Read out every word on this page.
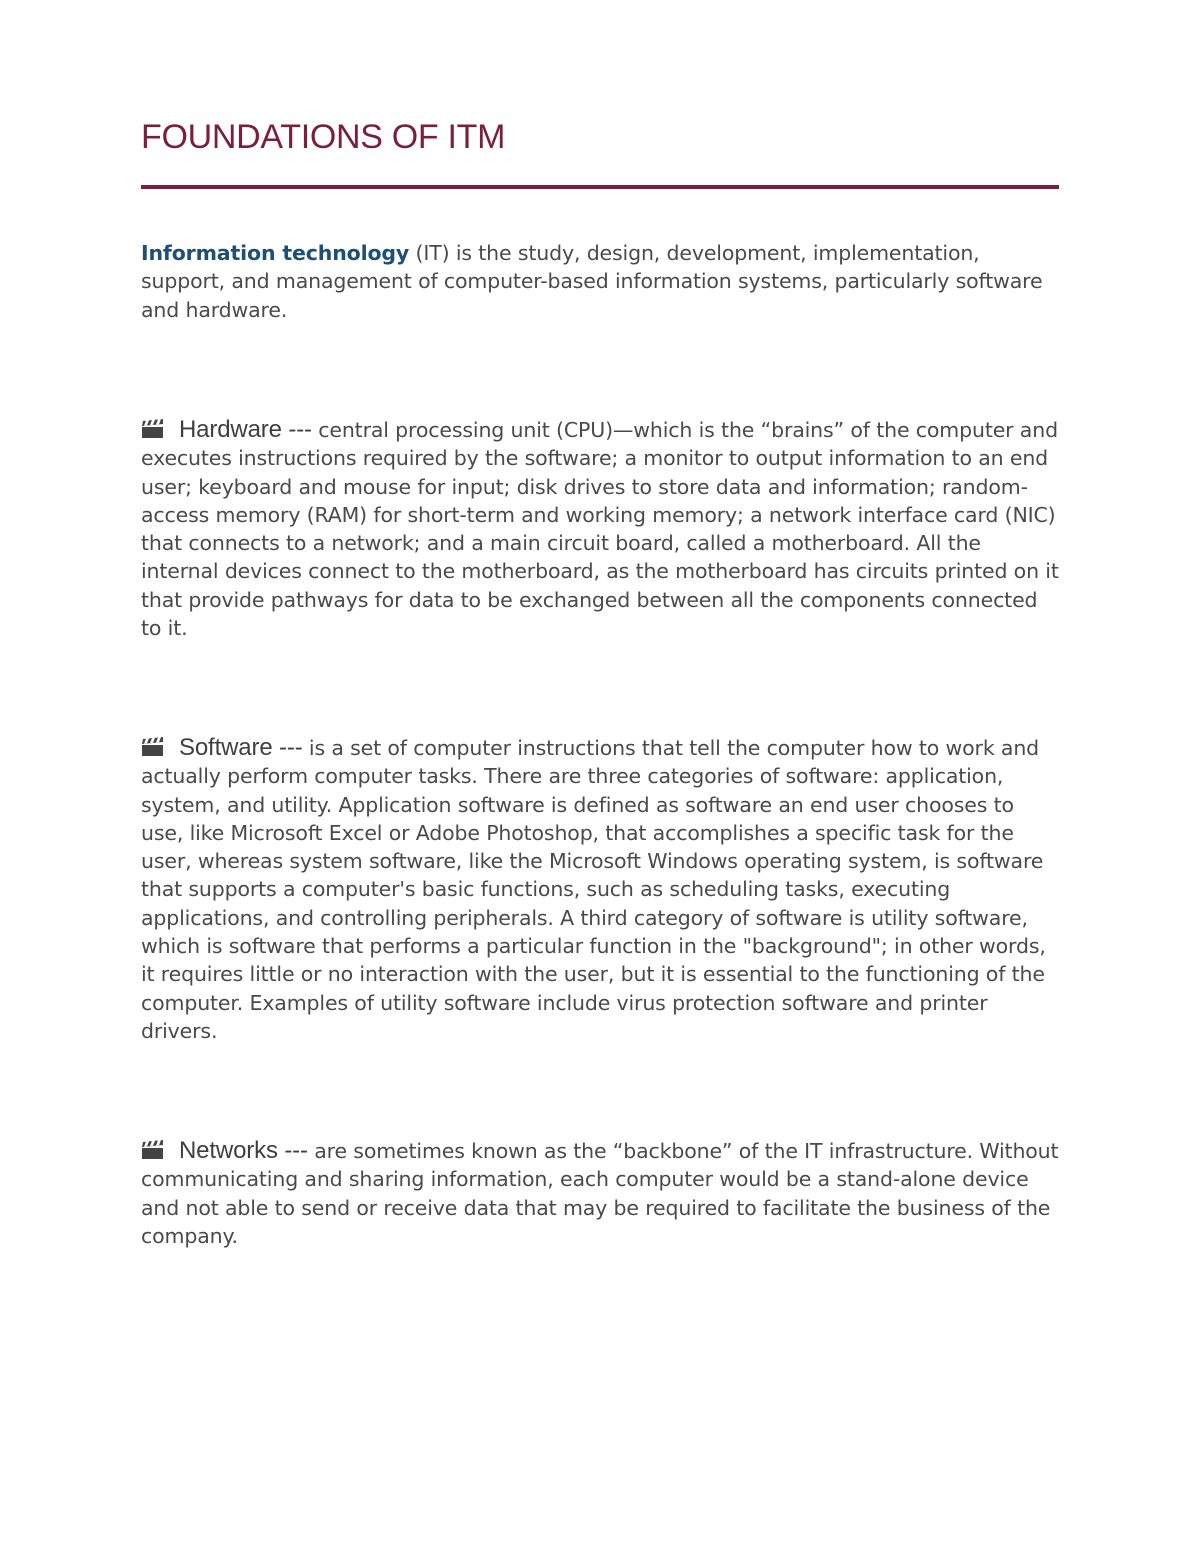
FOUNDATIONS OF ITM

Information technology (IT) is the study, design, development, implementation, support, and management of computer-based information systems, particularly software and hardware.

Hardware --- central processing unit (CPU)—which is the “brains” of the computer and executes instructions required by the software; a monitor to output information to an end user; keyboard and mouse for input; disk drives to store data and information; random-access memory (RAM) for short-term and working memory; a network interface card (NIC) that connects to a network; and a main circuit board, called a motherboard. All the internal devices connect to the motherboard, as the motherboard has circuits printed on it that provide pathways for data to be exchanged between all the components connected to it.

Software --- is a set of computer instructions that tell the computer how to work and actually perform computer tasks. There are three categories of software: application, system, and utility. Application software is defined as software an end user chooses to use, like Microsoft Excel or Adobe Photoshop, that accomplishes a specific task for the user, whereas system software, like the Microsoft Windows operating system, is software that supports a computer's basic functions, such as scheduling tasks, executing applications, and controlling peripherals. A third category of software is utility software, which is software that performs a particular function in the "background"; in other words, it requires little or no interaction with the user, but it is essential to the functioning of the computer. Examples of utility software include virus protection software and printer drivers.

Networks --- are sometimes known as the “backbone” of the IT infrastructure. Without communicating and sharing information, each computer would be a stand-alone device and not able to send or receive data that may be required to facilitate the business of the company.
